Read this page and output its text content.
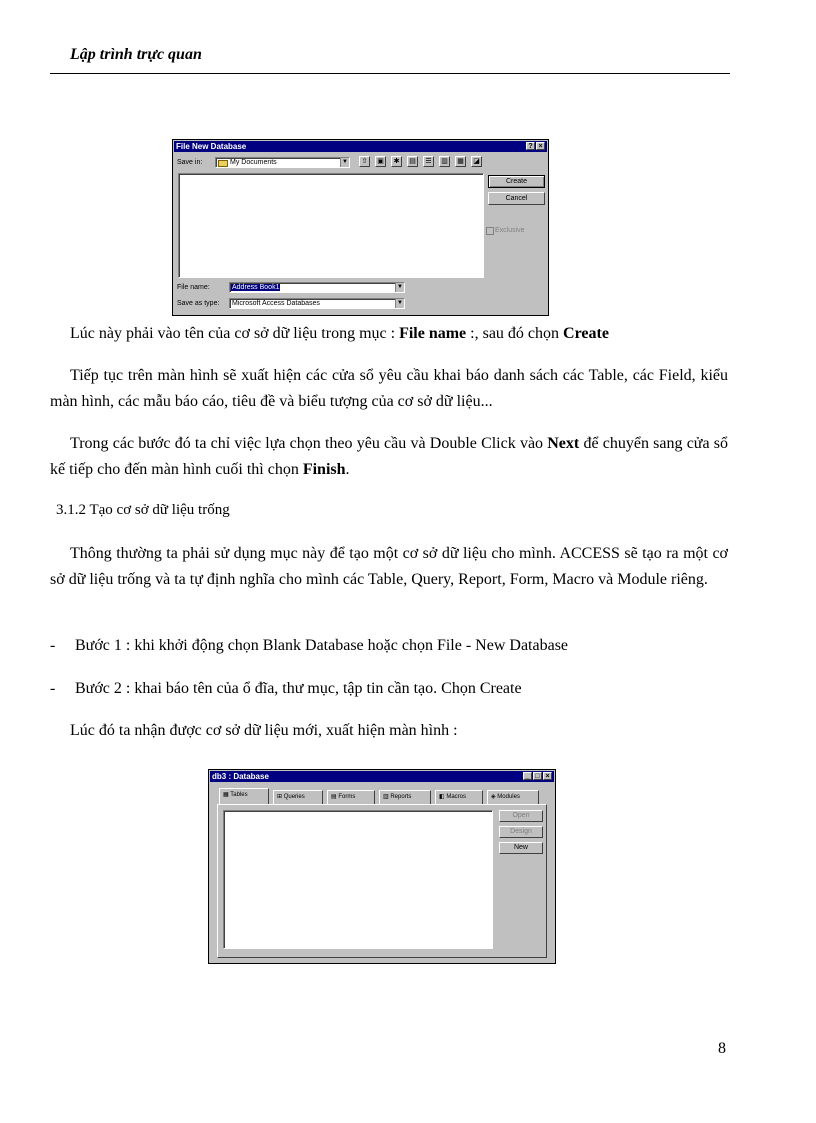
Lập trình trực quan
File New Database	? ×
Save in:	My Documents	▼	⇧	▣	✱	▤	☰	▥	▦	◪
Create
Cancel
Exclusive
File name:	Address Book1	▼
Save as type: Microsoft Access Databases	▼

Lúc này phải vào tên của cơ sở dữ liệu trong mục : File name :, sau đó chọn Create

Tiếp tục trên màn hình sẽ xuất hiện các cửa sổ yêu cầu khai báo danh sách các Table, các Field, kiểu màn hình, các mẫu báo cáo, tiêu đề và biểu tượng của cơ sở dữ liệu...

Trong các bước đó ta chỉ việc lựa chọn theo yêu cầu và Double Click vào Next để chuyển sang cửa sổ kế tiếp cho đến màn hình cuối thì chọn Finish.

3.1.2 Tạo cơ sở dữ liệu trống

Thông thường ta phải sử dụng mục này để tạo một cơ sở dữ liệu cho mình. ACCESS sẽ tạo ra một cơ sở dữ liệu trống và ta tự định nghĩa cho mình các Table, Query, Report, Form, Macro và Module riêng.

- Bước 1 : khi khởi động chọn Blank Database hoặc chọn File - New Database
- Bước 2 : khai báo tên của ổ đĩa, thư mục, tập tin cần tạo. Chọn Create

Lúc đó ta nhận được cơ sở dữ liệu mới, xuất hiện màn hình :

db3 : Database	_ □ ×
▦ Tables	⊞ Queries	▤ Forms	▥ Reports	◧ Macros	◈ Modules
Open
Design
New
8
